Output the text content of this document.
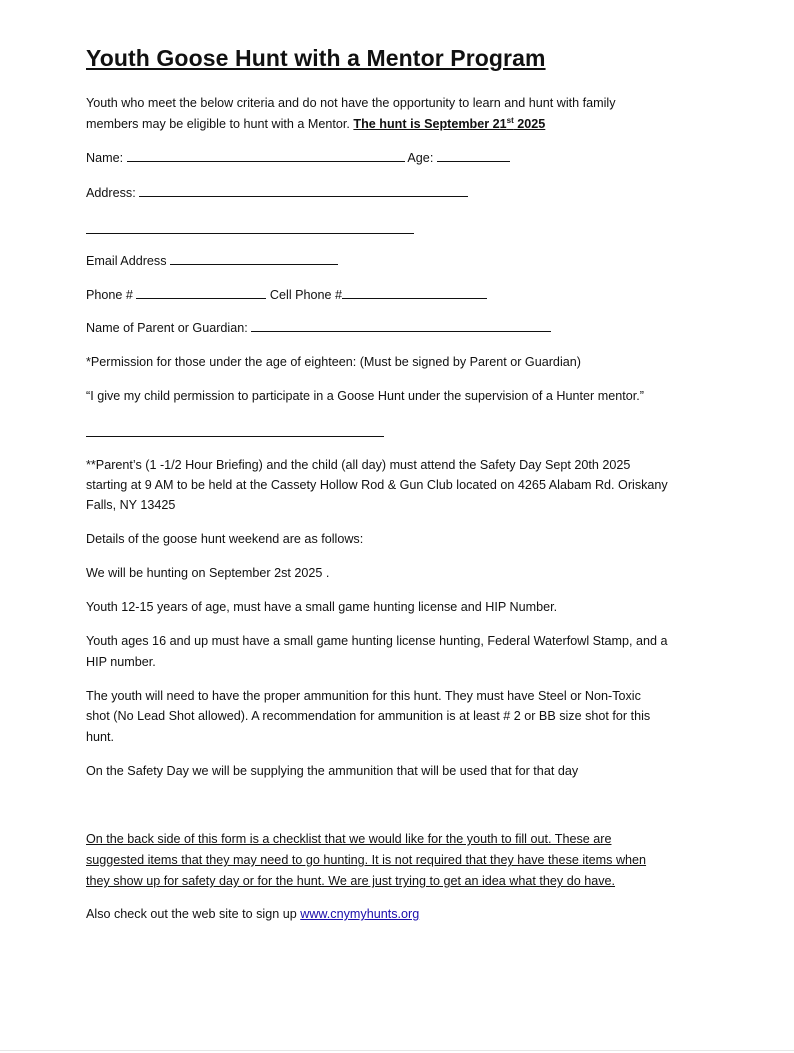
Youth Goose Hunt with a Mentor Program
Youth who meet the below criteria and do not have the opportunity to learn and hunt with family
members may be eligible to hunt with a Mentor. The hunt is September 21st 2025
Name:	Age:
Address:
Email Address
Phone #	Cell Phone #
Name of Parent or Guardian:
*Permission for those under the age of eighteen: (Must be signed by Parent or Guardian)
“I give my child permission to participate in a Goose Hunt under the supervision of a Hunter mentor.”
**Parent’s (1 -1/2 Hour Briefing) and the child (all day) must attend the Safety Day Sept 20th 2025
starting at 9 AM to be held at the Cassety Hollow Rod & Gun Club located on 4265 Alabam Rd. Oriskany
Falls, NY 13425
Details of the goose hunt weekend are as follows:
We will be hunting on September 2st 2025 .
Youth 12-15 years of age, must have a small game hunting license and HIP Number.
Youth ages 16 and up must have a small game hunting license hunting, Federal Waterfowl Stamp, and a
HIP number.
The youth will need to have the proper ammunition for this hunt. They must have Steel or Non-Toxic
shot (No Lead Shot allowed). A recommendation for ammunition is at least # 2 or BB size shot for this
hunt.
On the Safety Day we will be supplying the ammunition that will be used that for that day
On the back side of this form is a checklist that we would like for the youth to fill out. These are
suggested items that they may need to go hunting. It is not required that they have these items when
they show up for safety day or for the hunt. We are just trying to get an idea what they do have.
Also check out the web site to sign up www.cnymyhunts.org
